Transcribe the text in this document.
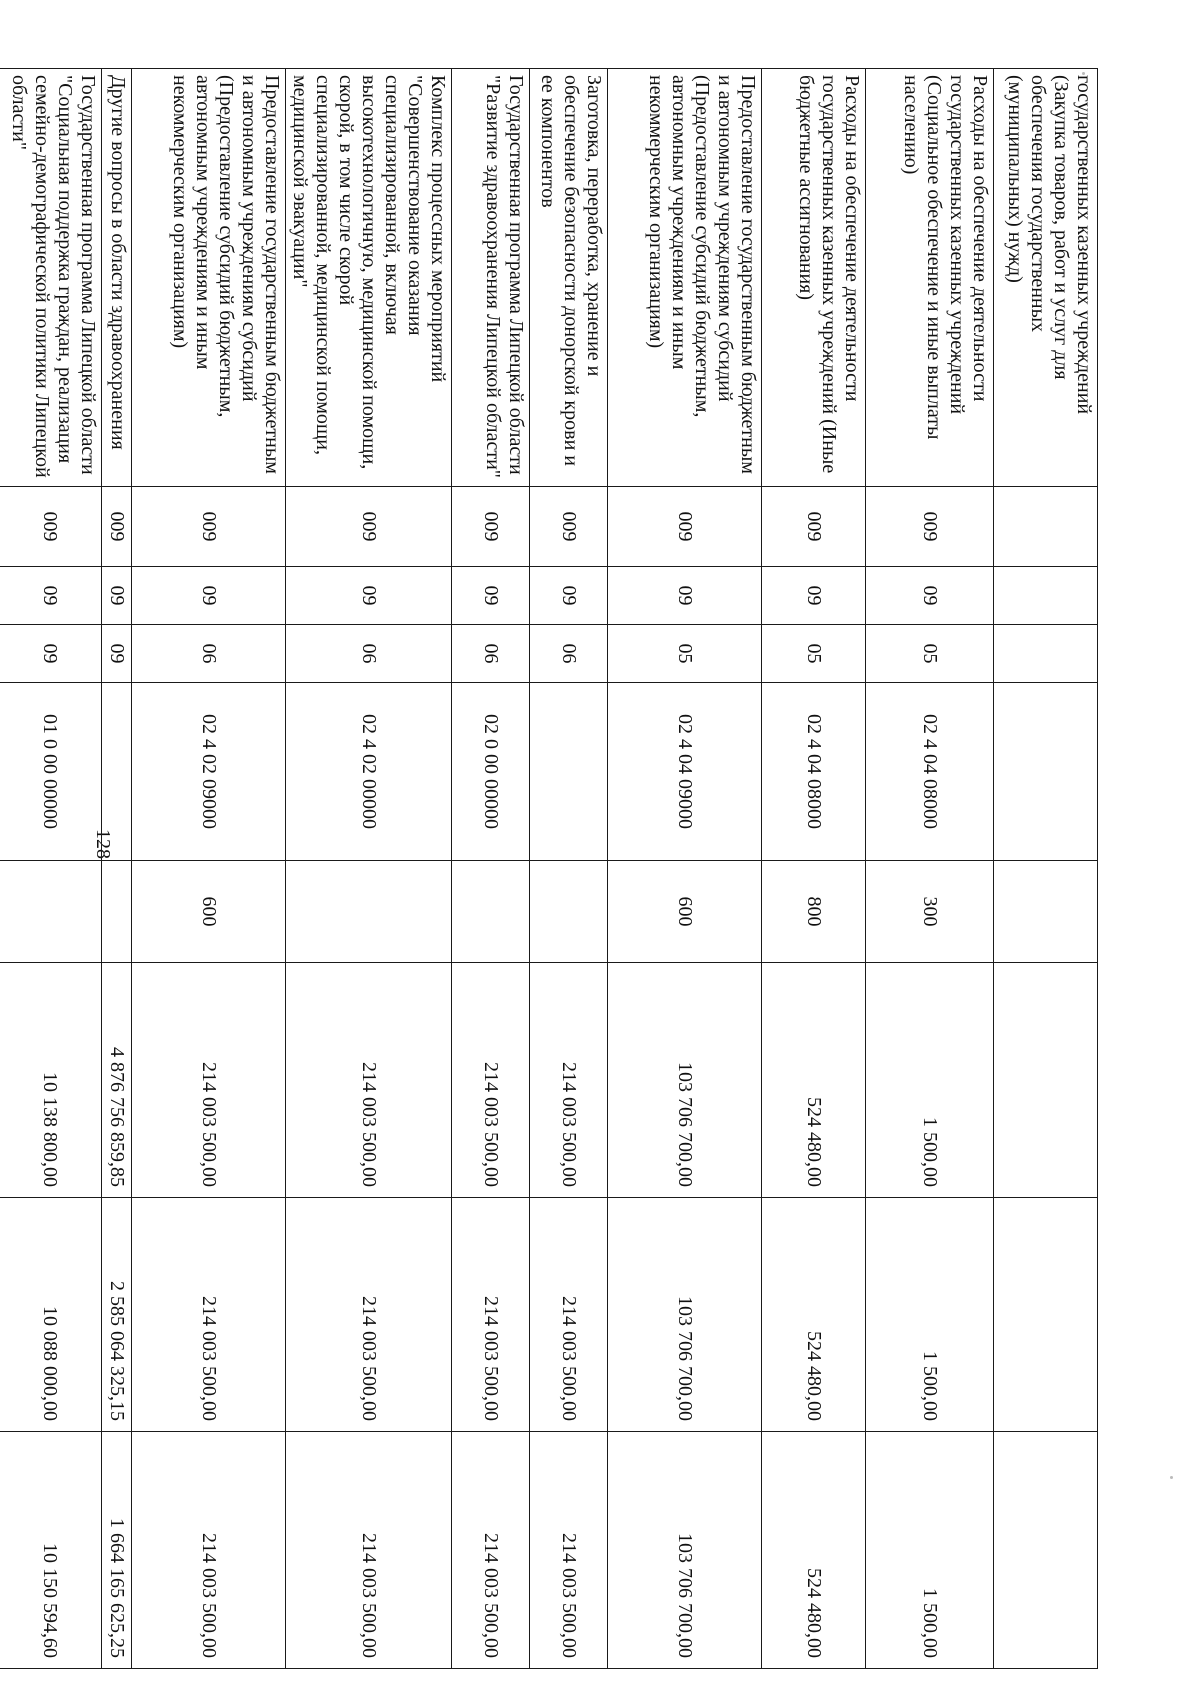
128
государственных казенных учреждений (Закупка товаров, работ и услуг для обеспечения государственных (муниципальных) нужд)								
Расходы на обеспечение деятельности государственных казенных учреждений (Социальное обеспечение и иные выплаты населению)	009	09	05	02 4 04 08000	300	1 500,00	1 500,00	1 500,00
Расходы на обеспечение деятельности государственных казенных учреждений (Иные бюджетные ассигнования)	009	09	05	02 4 04 08000	800	524 480,00	524 480,00	524 480,00
Предоставление государственным бюджетным и автономным учреждениям субсидий (Предоставление субсидий бюджетным, автономным учреждениям и иным некоммерческим организациям)	009	09	05	02 4 04 09000	600	103 706 700,00	103 706 700,00	103 706 700,00
Заготовка, переработка, хранение и обеспечение безопасности донорской крови и ее компонентов	009	09	06			214 003 500,00	214 003 500,00	214 003 500,00
Государственная программа Липецкой области "Развитие здравоохранения Липецкой области"	009	09	06	02 0 00 00000		214 003 500,00	214 003 500,00	214 003 500,00
Комплекс процессных мероприятий "Совершенствование оказания специализированной, включая высокотехнологичную, медицинской помощи, скорой, в том числе скорой специализированной, медицинской помощи, медицинской эвакуации"	009	09	06	02 4 02 00000		214 003 500,00	214 003 500,00	214 003 500,00
Предоставление государственным бюджетным и автономным учреждениям субсидий (Предоставление субсидий бюджетным, автономным учреждениям и иным некоммерческим организациям)	009	09	06	02 4 02 09000	600	214 003 500,00	214 003 500,00	214 003 500,00
Другие вопросы в области здравоохранения	009	09	09			4 876 756 859,85	2 585 064 325,15	1 664 165 625,25
Государственная программа Липецкой области "Социальная поддержка граждан, реализация семейно-демографической политики Липецкой области"	009	09	09	01 0 00 00000		10 138 800,00	10 088 000,00	10 150 594,60
